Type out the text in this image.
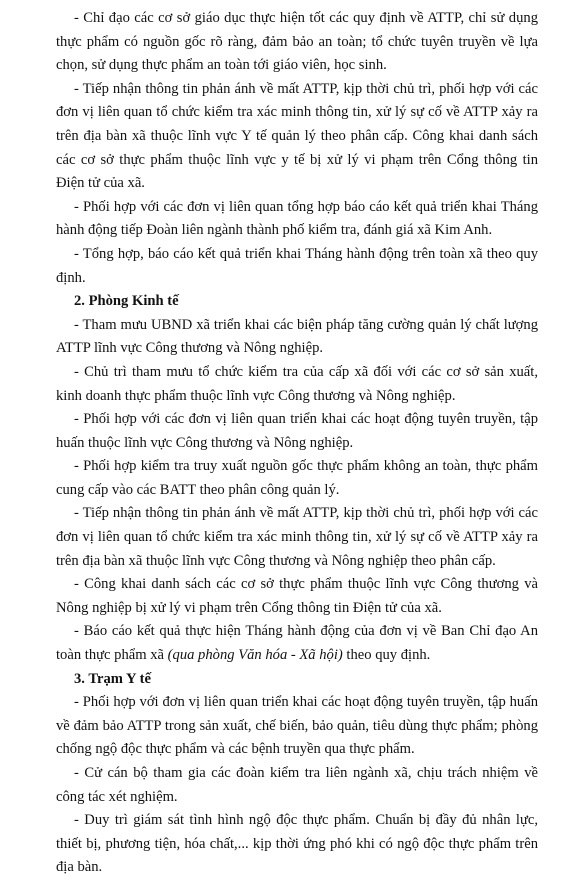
- Chỉ đạo các cơ sở giáo dục thực hiện tốt các quy định về ATTP, chỉ sử dụng thực phẩm có nguồn gốc rõ ràng, đảm bảo an toàn; tổ chức tuyên truyền về lựa chọn, sử dụng thực phẩm an toàn tới giáo viên, học sinh.

- Tiếp nhận thông tin phản ánh về mất ATTP, kịp thời chủ trì, phối hợp với các đơn vị liên quan tổ chức kiểm tra xác minh thông tin, xử lý sự cố về ATTP xảy ra trên địa bàn xã thuộc lĩnh vực Y tế quản lý theo phân cấp. Công khai danh sách các cơ sở thực phẩm thuộc lĩnh vực y tế bị xử lý vi phạm trên Cổng thông tin Điện tử của xã.

- Phối hợp với các đơn vị liên quan tổng hợp báo cáo kết quả triển khai Tháng hành động tiếp Đoàn liên ngành thành phố kiểm tra, đánh giá xã Kim Anh.

- Tổng hợp, báo cáo kết quả triển khai Tháng hành động trên toàn xã theo quy định.

2. Phòng Kinh tế

- Tham mưu UBND xã triển khai các biện pháp tăng cường quản lý chất lượng ATTP lĩnh vực Công thương và Nông nghiệp.

- Chủ trì tham mưu tổ chức kiểm tra của cấp xã đối với các cơ sở sản xuất, kinh doanh thực phẩm thuộc lĩnh vực Công thương và Nông nghiệp.

- Phối hợp với các đơn vị liên quan triển khai các hoạt động tuyên truyền, tập huấn thuộc lĩnh vực Công thương và Nông nghiệp.

- Phối hợp kiểm tra truy xuất nguồn gốc thực phẩm không an toàn, thực phẩm cung cấp vào các BATT theo phân công quản lý.

- Tiếp nhận thông tin phản ánh về mất ATTP, kịp thời chủ trì, phối hợp với các đơn vị liên quan tổ chức kiểm tra xác minh thông tin, xử lý sự cố về ATTP xảy ra trên địa bàn xã thuộc lĩnh vực Công thương và Nông nghiệp theo phân cấp.

- Công khai danh sách các cơ sở thực phẩm thuộc lĩnh vực Công thương và Nông nghiệp bị xử lý vi phạm trên Cổng thông tin Điện tử của xã.

- Báo cáo kết quả thực hiện Tháng hành động của đơn vị về Ban Chỉ đạo An toàn thực phẩm xã (qua phòng Văn hóa - Xã hội) theo quy định.

3. Trạm Y tế

- Phối hợp với đơn vị liên quan triển khai các hoạt động tuyên truyền, tập huấn về đảm bảo ATTP trong sản xuất, chế biến, bảo quản, tiêu dùng thực phẩm; phòng chống ngộ độc thực phẩm và các bệnh truyền qua thực phẩm.

- Cử cán bộ tham gia các đoàn kiểm tra liên ngành xã, chịu trách nhiệm về công tác xét nghiệm.

- Duy trì giám sát tình hình ngộ độc thực phẩm. Chuẩn bị đầy đủ nhân lực, thiết bị, phương tiện, hóa chất,... kịp thời ứng phó khi có ngộ độc thực phẩm trên địa bàn.
